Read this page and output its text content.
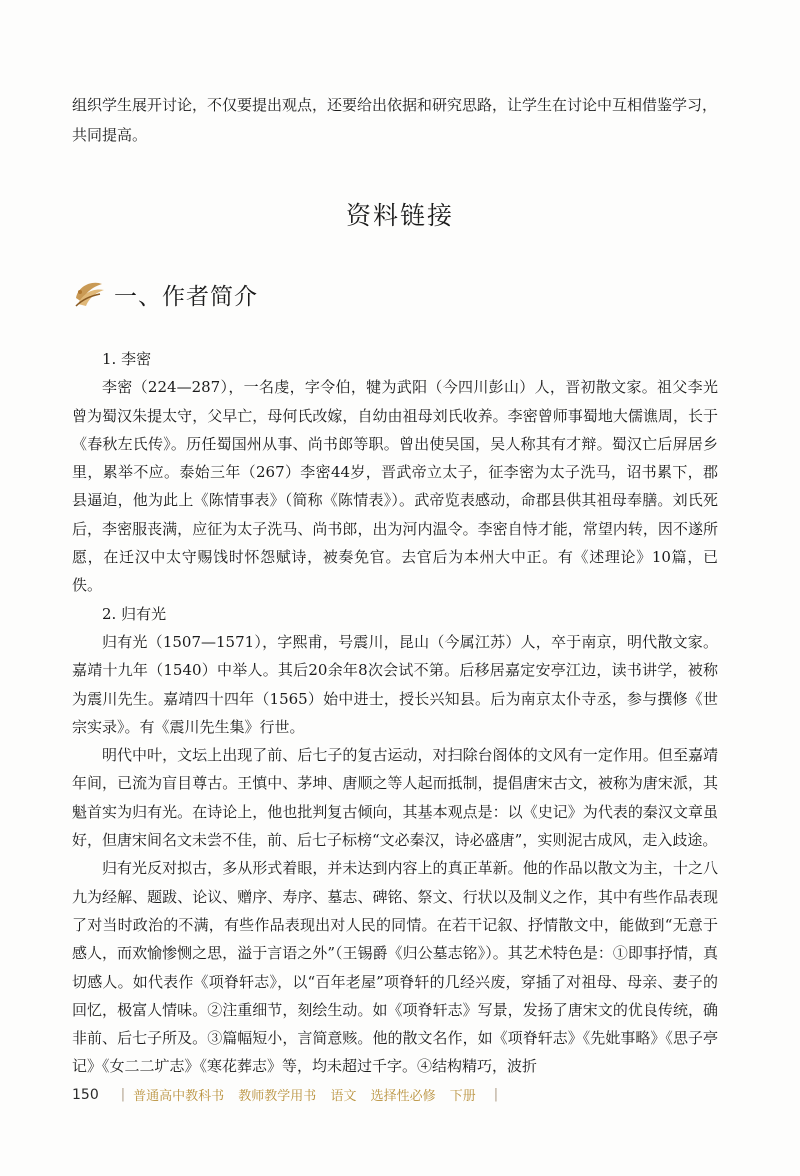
组织学生展开讨论，不仅要提出观点，还要给出依据和研究思路，让学生在讨论中互相借鉴学习，共同提高。

资料链接
一、作者简介

1. 李密

李密（224—287），一名虔，字令伯，犍为武阳（今四川彭山）人，晋初散文家。祖父李光曾为蜀汉朱提太守，父早亡，母何氏改嫁，自幼由祖母刘氏收养。李密曾师事蜀地大儒谯周，长于《春秋左氏传》。历任蜀国州从事、尚书郎等职。曾出使吴国，吴人称其有才辩。蜀汉亡后屏居乡里，累举不应。泰始三年（267）李密44岁，晋武帝立太子，征李密为太子洗马，诏书累下，郡县逼迫，他为此上《陈情事表》（简称《陈情表》）。武帝览表感动，命郡县供其祖母奉膳。刘氏死后，李密服丧满，应征为太子洗马、尚书郎，出为河内温令。李密自恃才能，常望内转，因不遂所愿，在迁汉中太守赐饯时怀怨赋诗，被奏免官。去官后为本州大中正。有《述理论》10篇，已佚。

2. 归有光

归有光（1507—1571），字熙甫，号震川，昆山（今属江苏）人，卒于南京，明代散文家。嘉靖十九年（1540）中举人。其后20余年8次会试不第。后移居嘉定安亭江边，读书讲学，被称为震川先生。嘉靖四十四年（1565）始中进士，授长兴知县。后为南京太仆寺丞，参与撰修《世宗实录》。有《震川先生集》行世。

明代中叶，文坛上出现了前、后七子的复古运动，对扫除台阁体的文风有一定作用。但至嘉靖年间，已流为盲目尊古。王慎中、茅坤、唐顺之等人起而抵制，提倡唐宋古文，被称为唐宋派，其魁首实为归有光。在诗论上，他也批判复古倾向，其基本观点是：以《史记》为代表的秦汉文章虽好，但唐宋间名文未尝不佳，前、后七子标榜“文必秦汉，诗必盛唐”，实则泥古成风，走入歧途。

归有光反对拟古，多从形式着眼，并未达到内容上的真正革新。他的作品以散文为主，十之八九为经解、题跋、论议、赠序、寿序、墓志、碑铭、祭文、行状以及制义之作，其中有些作品表现了对当时政治的不满，有些作品表现出对人民的同情。在若干记叙、抒情散文中，能做到“无意于感人，而欢愉惨恻之思，溢于言语之外”（王锡爵《归公墓志铭》）。其艺术特色是：①即事抒情，真切感人。如代表作《项脊轩志》，以“百年老屋”项脊轩的几经兴废，穿插了对祖母、母亲、妻子的回忆，极富人情味。②注重细节，刻绘生动。如《项脊轩志》写景，发扬了唐宋文的优良传统，确非前、后七子所及。③篇幅短小，言简意赅。他的散文名作，如《项脊轩志》《先妣事略》《思子亭记》《女二二圹志》《寒花葬志》等，均未超过千字。④结构精巧，波折

150 | 普通高中教科书 教师教学用书 语文 选择性必修 下册	|
